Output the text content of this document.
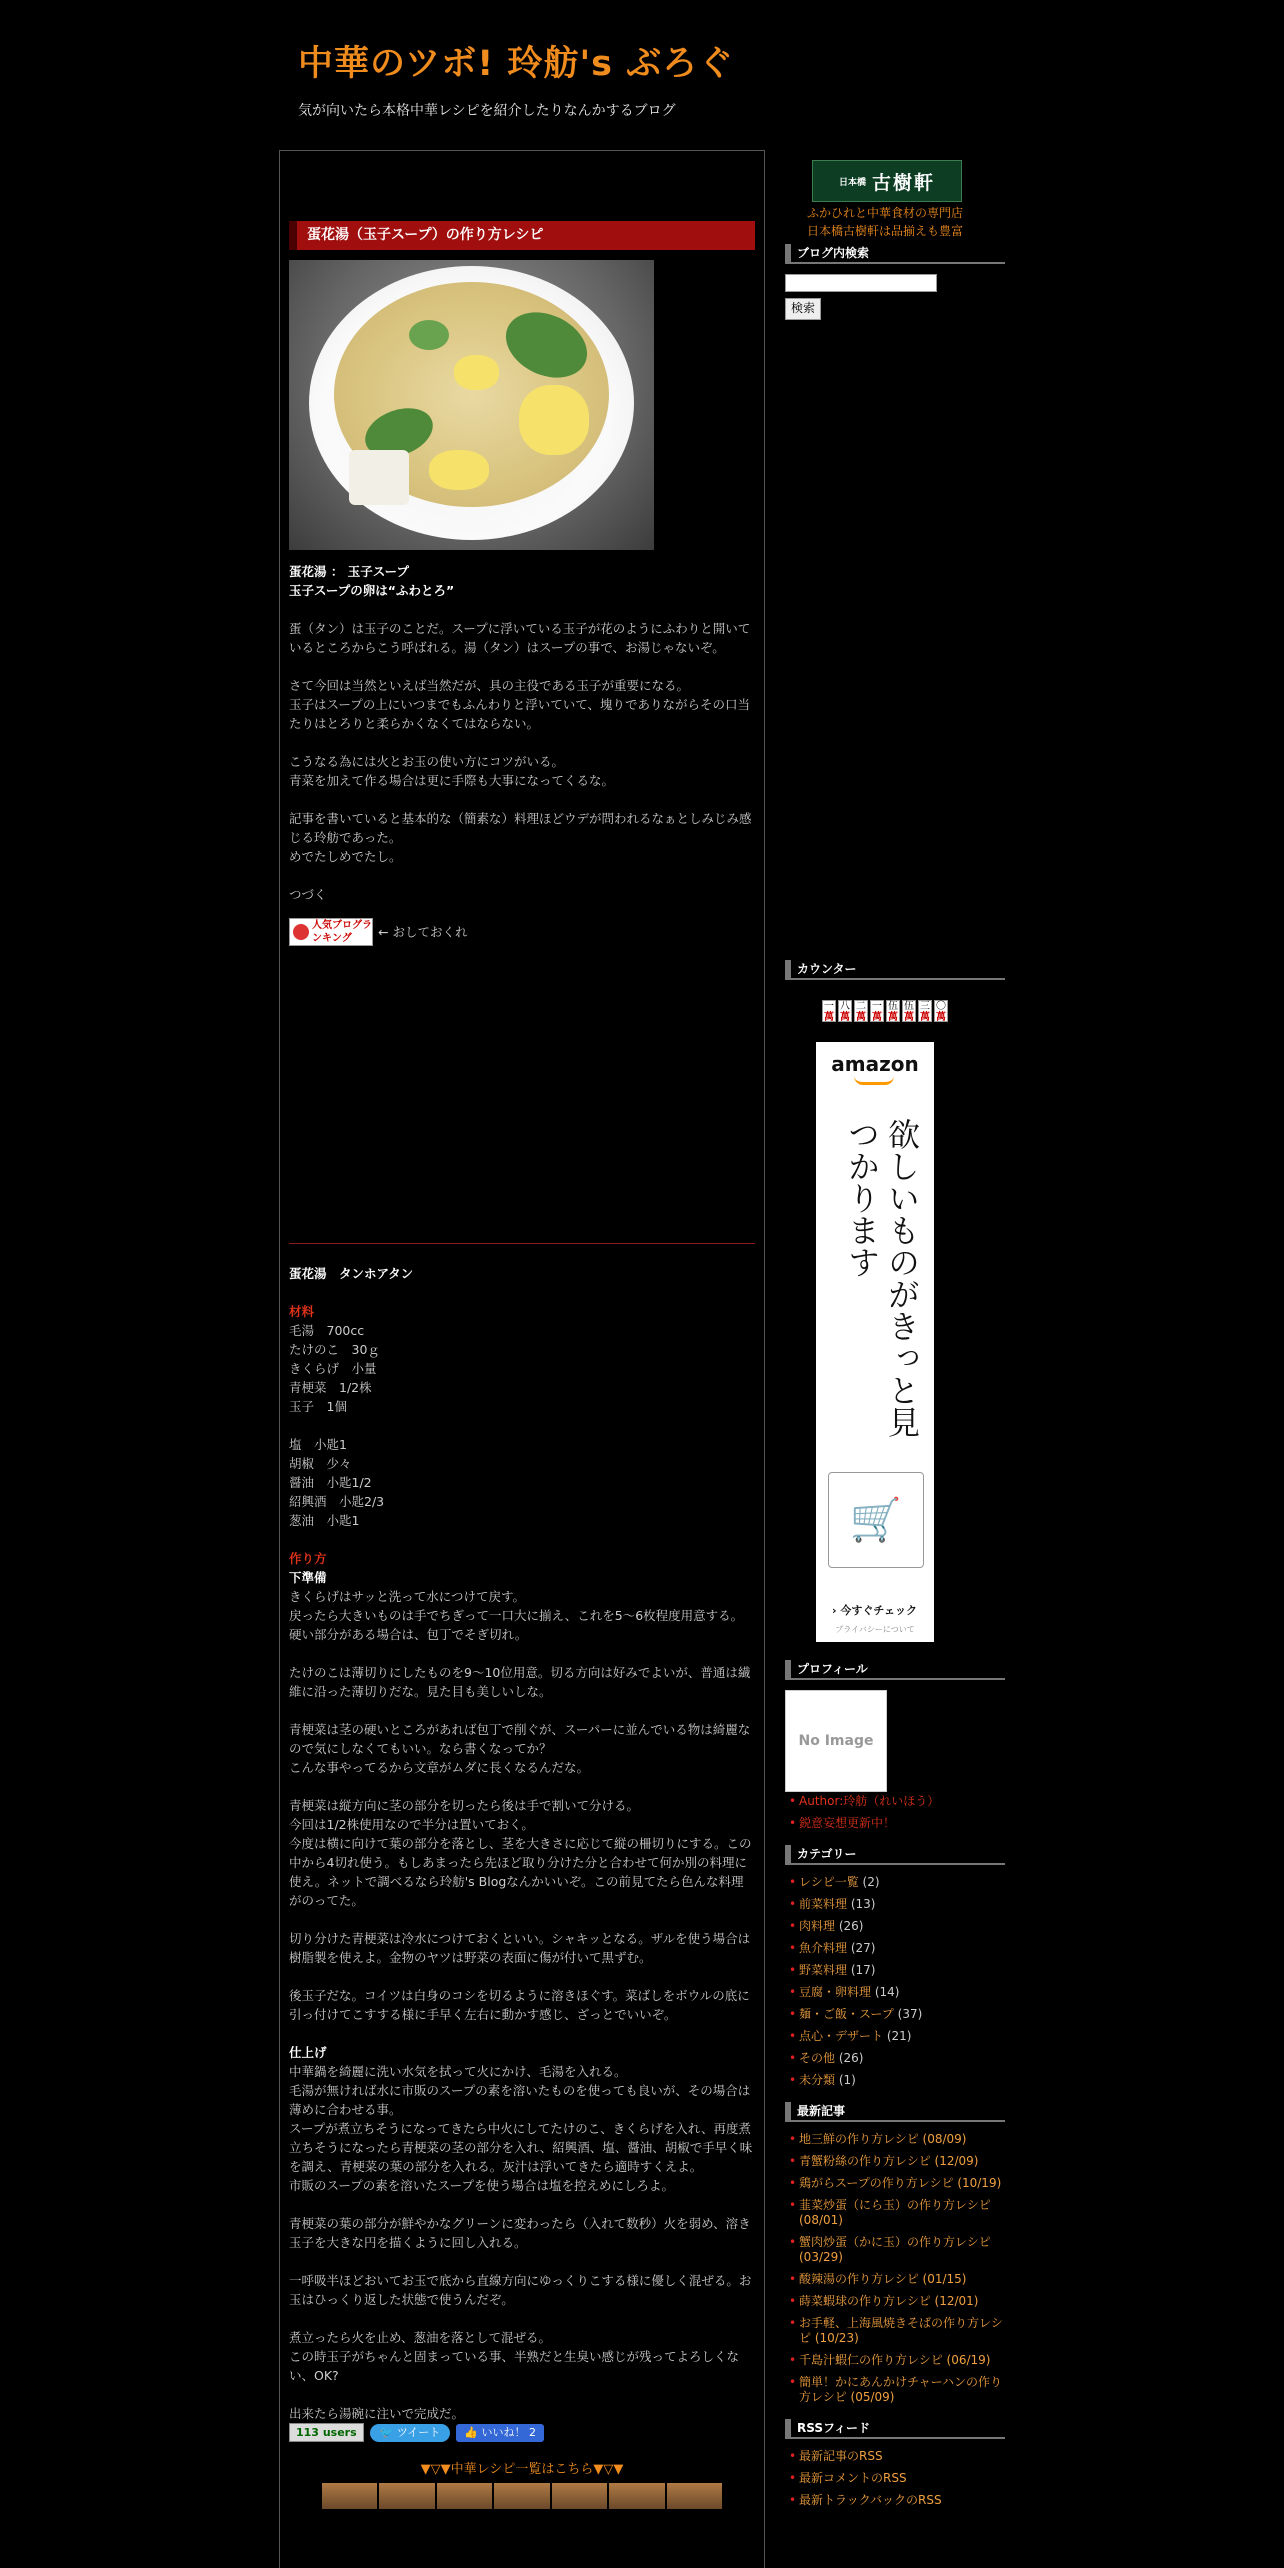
中華のツボ! 玲舫's ぶろぐ
気が向いたら本格中華レシピを紹介したりなんかするブログ
蛋花湯（玉子スープ）の作り方レシピ
蛋花湯 ： 玉子スープ
玉子スープの卵は“ふわとろ”
蛋（タン）は玉子のことだ。スープに浮いている玉子が花のようにふわりと開いているところからこう呼ばれる。湯（タン）はスープの事で、お湯じゃないぞ。

さて今回は当然といえば当然だが、具の主役である玉子が重要になる。
玉子はスープの上にいつまでもふんわりと浮いていて、塊りでありながらその口当たりはとろりと柔らかくなくてはならない。

こうなる為には火とお玉の使い方にコツがいる。
青菜を加えて作る場合は更に手際も大事になってくるな。

記事を書いていると基本的な（簡素な）料理ほどウデが問われるなぁとしみじみ感じる玲舫であった。
めでたしめでたし。

つづく
人気ブログランキング ← おしておくれ
蛋花湯　タンホアタン
材料
毛湯　700cc
たけのこ　30ｇ
きくらげ　小量
青梗菜　1/2株
玉子　1個

塩　小匙1
胡椒　少々
醤油　小匙1/2
紹興酒　小匙2/3
葱油　小匙1
作り方
下準備
きくらげはサッと洗って水につけて戻す。
戻ったら大きいものは手でちぎって一口大に揃え、これを5～6枚程度用意する。硬い部分がある場合は、包丁でそぎ切れ。

たけのこは薄切りにしたものを9～10位用意。切る方向は好みでよいが、普通は繊維に沿った薄切りだな。見た目も美しいしな。

青梗菜は茎の硬いところがあれば包丁で削ぐが、スーパーに並んでいる物は綺麗なので気にしなくてもいい。なら書くなってか？
こんな事やってるから文章がムダに長くなるんだな。

青梗菜は縦方向に茎の部分を切ったら後は手で割いて分ける。
今回は1/2株使用なので半分は置いておく。
今度は横に向けて葉の部分を落とし、茎を大きさに応じて縦の柵切りにする。この中から4切れ使う。もしあまったら先ほど取り分けた分と合わせて何か別の料理に使え。ネットで調べるなら玲舫's Blogなんかいいぞ。この前見てたら色んな料理がのってた。

切り分けた青梗菜は冷水につけておくといい。シャキッとなる。ザルを使う場合は樹脂製を使えよ。金物のヤツは野菜の表面に傷が付いて黒ずむ。

後玉子だな。コイツは白身のコシを切るように溶きほぐす。菜ばしをボウルの底に引っ付けてこすする様に手早く左右に動かす感じ、ざっとでいいぞ。
仕上げ
中華鍋を綺麗に洗い水気を拭って火にかけ、毛湯を入れる。
毛湯が無ければ水に市販のスープの素を溶いたものを使っても良いが、その場合は薄めに合わせる事。
スープが煮立ちそうになってきたら中火にしてたけのこ、きくらげを入れ、再度煮立ちそうになったら青梗菜の茎の部分を入れ、紹興酒、塩、醤油、胡椒で手早く味を調え、青梗菜の葉の部分を入れる。灰汁は浮いてきたら適時すくえよ。
市販のスープの素を溶いたスープを使う場合は塩を控えめにしろよ。

青梗菜の葉の部分が鮮やかなグリーンに変わったら（入れて数秒）火を弱め、溶き玉子を大きな円を描くように回し入れる。

一呼吸半ほどおいてお玉で底から直線方向にゆっくりこする様に優しく混ぜる。お玉はひっくり返した状態で使うんだぞ。

煮立ったら火を止め、葱油を落として混ぜる。
この時玉子がちゃんと固まっている事、半熟だと生臭い感じが残ってよろしくない、OK?

出来たら湯碗に注いで完成だ。
113 users	🐦 ツイート	👍 いいね！ 2
▼▽▼中華レシピ一覧はこちら▼▽▼
日本橋 古樹軒
ふかひれと中華食材の専門店
日本橋古樹軒は品揃えも豊富
ブログ内検索
検索
カウンター
一
萬
八
萬
二
萬
一
萬
伍
萬
伍
萬
三
萬
〇
萬
amazon
欲しいものがきっと見つかります
🛒
› 今すぐチェック
プライバシーについて
プロフィール
No Image
• Author:玲舫（れいほう）
• 鋭意妄想更新中！
カテゴリー
• レシピ一覧 (2)
• 前菜料理 (13)
• 肉料理 (26)
• 魚介料理 (27)
• 野菜料理 (17)
• 豆腐・卵料理 (14)
• 麺・ご飯・スープ (37)
• 点心・デザート (21)
• その他 (26)
• 未分類 (1)
最新記事
• 地三鮮の作り方レシピ (08/09)
• 青蟹粉絲の作り方レシピ (12/09)
• 鶏がらスープの作り方レシピ (10/19)
• 韮菜炒蛋（にら玉）の作り方レシピ (08/01)
• 蟹肉炒蛋（かに玉）の作り方レシピ (03/29)
• 酸辣湯の作り方レシピ (01/15)
• 蒔菜蝦球の作り方レシピ (12/01)
• お手軽、上海風焼きそばの作り方レシピ (10/23)
• 千島汁蝦仁の作り方レシピ (06/19)
• 簡単！かにあんかけチャーハンの作り方レシピ (05/09)
RSSフィード
• 最新記事のRSS
• 最新コメントのRSS
• 最新トラックバックのRSS
